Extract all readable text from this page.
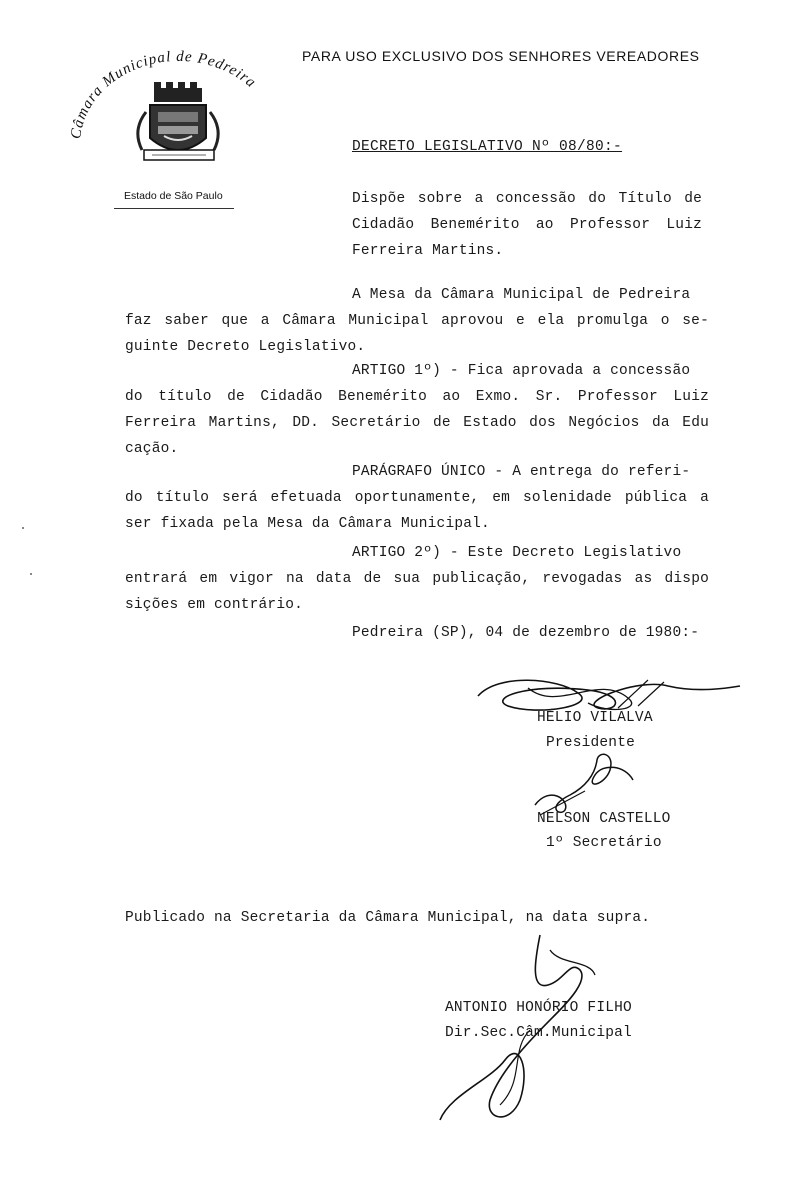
Câmara Municipal de Pedreira
Estado de São Paulo
PARA USO EXCLUSIVO DOS SENHORES VEREADORES
DECRETO LEGISLATIVO Nº 08/80:-
Dispõe sobre a concessão do Título de
Cidadão Benemérito ao Professor Luiz
Ferreira Martins.
A Mesa da Câmara Municipal de Pedreira
faz saber que a Câmara Municipal aprovou e ela promulga o se-
guinte Decreto Legislativo.
ARTIGO 1º) - Fica aprovada a concessão
do título de Cidadão Benemérito ao Exmo. Sr. Professor Luiz
Ferreira Martins, DD. Secretário de Estado dos Negócios da Edu
cação.
PARÁGRAFO ÚNICO - A entrega do referi-
do título será efetuada oportunamente, em solenidade pública a
ser fixada pela Mesa da Câmara Municipal.
ARTIGO 2º) - Este Decreto Legislativo
entrará em vigor na data de sua publicação, revogadas as dispo
sições em contrário.
Pedreira (SP), 04 de dezembro de 1980:-
HÉLIO VILALVA
Presidente
NELSON CASTELLO
1º Secretário
Publicado na Secretaria da Câmara Municipal, na data supra.
ANTONIO HONÓRIO FILHO
Dir.Sec.Câm.Municipal
